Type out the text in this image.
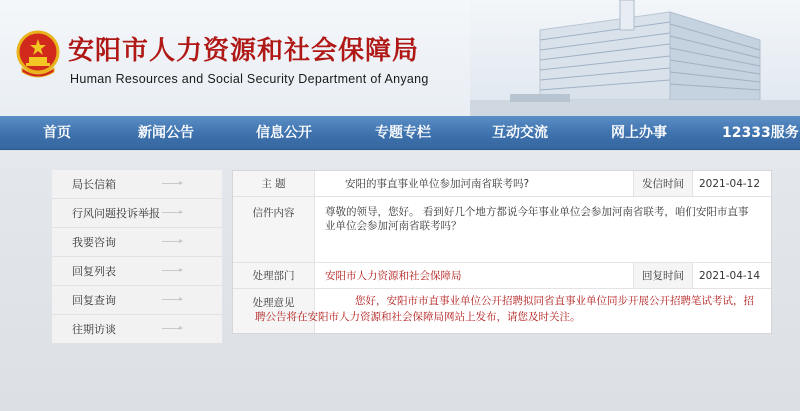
安阳市人力资源和社会保障局
Human Resources and Social Security Department of Anyang
首页	新闻公告	信息公开	专题专栏	互动交流	网上办事	12333服务
局长信箱
行风问题投诉举报
我要咨询
回复列表
回复查询
往期访谈
主 题	安阳的事直事业单位参加河南省联考吗?	发信时间	2021-04-12
信件内容	尊敬的领导，您好。 看到好几个地方都说今年事业单位会参加河南省联考，咱们安阳市直事业单位会参加河南省联考吗？
处理部门	安阳市人力资源和社会保障局	回复时间	2021-04-14
处理意见	您好，安阳市市直事业单位公开招聘拟同省直事业单位同步开展公开招聘笔试考试，招聘公告将在安阳市人力资源和社会保障局网站上发布，请您及时关注。
